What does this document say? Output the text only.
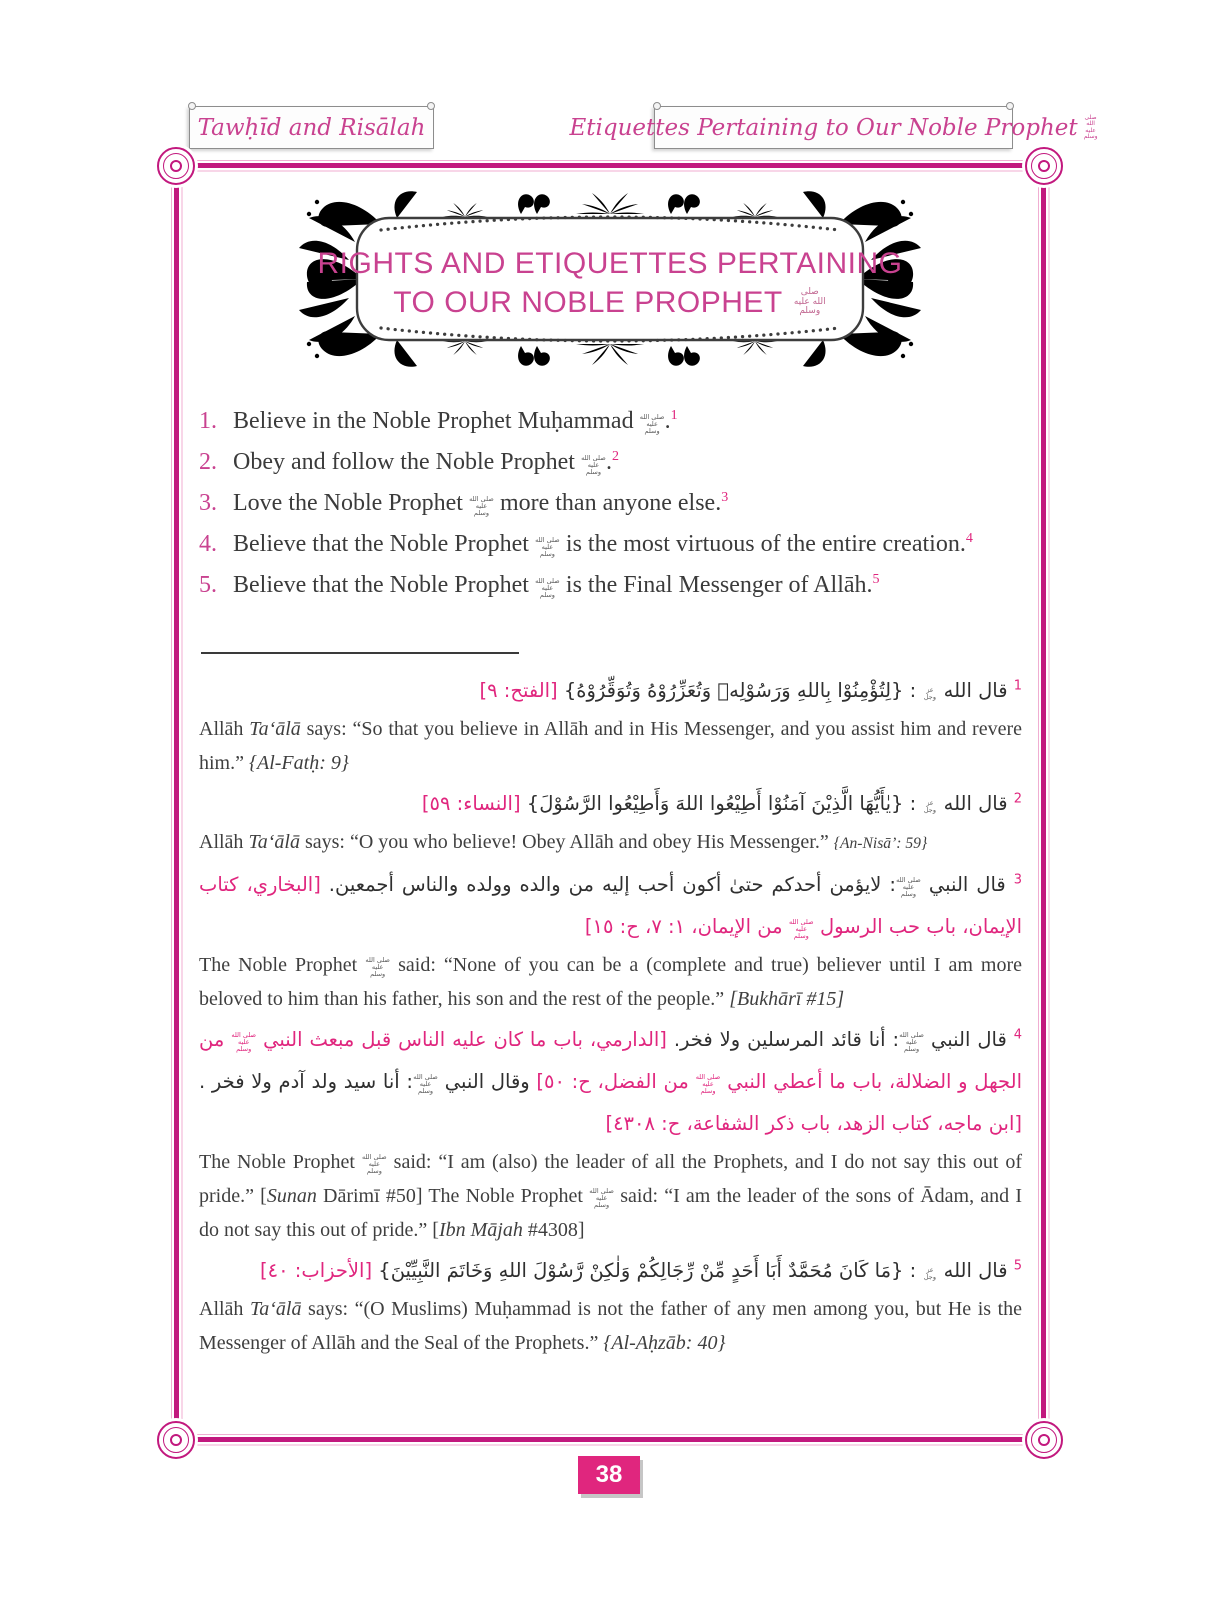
Tawḥīd and Risālah	Etiquettes Pertaining to Our Noble Prophet صلى الله عليه وسلم
RIGHTS AND ETIQUETTES PERTAINING
TO OUR NOBLE PROPHET	صلى الله عليه وسلم
1. Believe in the Noble Prophet Muḥammad صلى الله عليه وسلم .$^1$
2. Obey and follow the Noble Prophet صلى الله عليه وسلم .$^2$
3. Love the Noble Prophet صلى الله عليه وسلم more than anyone else.$^3$
4. Believe that the Noble Prophet صلى الله عليه وسلم is the most virtuous of the entire creation.$^4$
5. Believe that the Noble Prophet صلى الله عليه وسلم is the Final Messenger of Allāh.$^5$
$^1$ قال الله عز وجل : {لِتُؤْمِنُوْا بِاللهِ وَرَسُوْلِهٖ وَتُعَزِّرُوْهُ وَتُوَقِّرُوْهُ} [الفتح: ٩]
Allāh Ta‘ālā says: “So that you believe in Allāh and in His Messenger, and you assist him and revere him.” {Al-Fatḥ: 9}
$^2$ قال الله عز وجل : {يٰأَيُّهَا الَّذِيْنَ آمَنُوْا أَطِيْعُوا اللهَ وَأَطِيْعُوا الرَّسُوْلَ} [النساء: ٥٩]
Allāh Ta‘ālā says: “O you who believe! Obey Allāh and obey His Messenger.” {An-Nisā’: 59}
$^3$ قال النبي صلى الله عليه وسلم: لايؤمن أحدكم حتىٰ أكون أحب إليه من والده وولده والناس أجمعين. [البخاري، كتاب الإيمان، باب حب الرسول صلى الله عليه وسلم من الإيمان، ١: ٧، ح: ١٥]
The Noble Prophet صلى الله عليه وسلم said: “None of you can be a (complete and true) believer until I am more beloved to him than his father, his son and the rest of the people.” [Bukhārī #15]
$^4$ قال النبي صلى الله عليه وسلم: أنا قائد المرسلين ولا فخر. [الدارمي، باب ما كان عليه الناس قبل مبعث النبي صلى الله عليه وسلم من الجهل و الضلالة، باب ما أعطي النبي صلى الله عليه وسلم من الفضل، ح: ٥٠] وقال النبي صلى الله عليه وسلم: أنا سيد ولد آدم ولا فخر .[ابن ماجه، كتاب الزهد، باب ذكر الشفاعة، ح: ٤٣٠٨]
The Noble Prophet صلى الله عليه وسلم said: “I am (also) the leader of all the Prophets, and I do not say this out of pride.” [Sunan Dārimī #50] The Noble Prophet صلى الله عليه وسلم said: “I am the leader of the sons of Ādam, and I do not say this out of pride.” [Ibn Mājah #4308]
$^5$ قال الله عز وجل : {مَا كَانَ مُحَمَّدٌ أَبَا أَحَدٍ مِّنْ رِّجَالِكُمْ وَلٰكِنْ رَّسُوْلَ اللهِ وَخَاتَمَ النَّبِيِّيْنَ} [الأحزاب: ٤٠]
Allāh Ta‘ālā says: “(O Muslims) Muḥammad is not the father of any men among you, but He is the Messenger of Allāh and the Seal of the Prophets.” {Al-Aḥzāb: 40}
38
